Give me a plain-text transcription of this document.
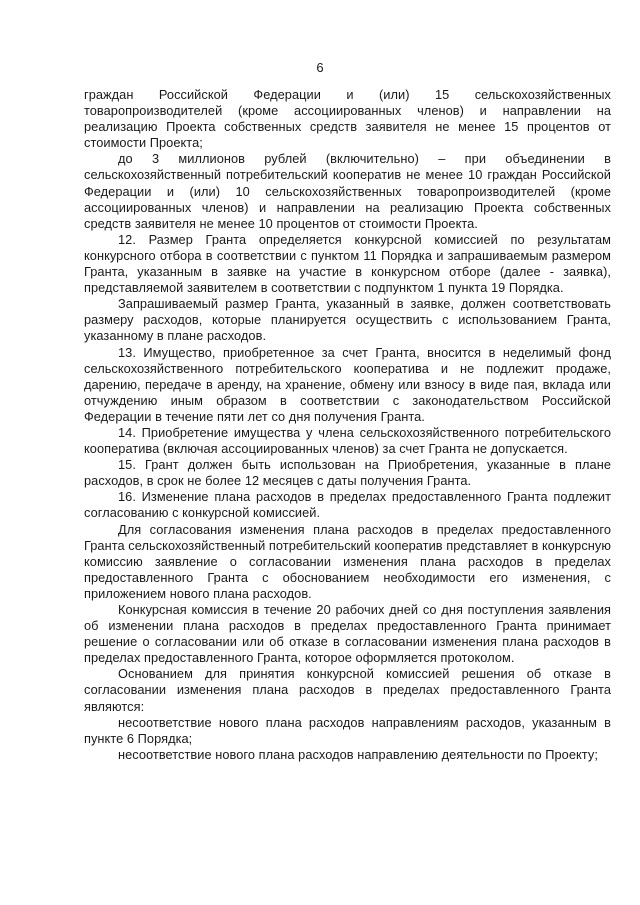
6

граждан Российской Федерации и (или) 15 сельскохозяйственных товаропроизводителей (кроме ассоциированных членов) и направлении на реализацию Проекта собственных средств заявителя не менее 15 процентов от стоимости Проекта;

до 3 миллионов рублей (включительно) – при объединении в сельскохозяйственный потребительский кооператив не менее 10 граждан Российской Федерации и (или) 10 сельскохозяйственных товаропроизводителей (кроме ассоциированных членов) и направлении на реализацию Проекта собственных средств заявителя не менее 10 процентов от стоимости Проекта.

12. Размер Гранта определяется конкурсной комиссией по результатам конкурсного отбора в соответствии с пунктом 11 Порядка и запрашиваемым размером Гранта, указанным в заявке на участие в конкурсном отборе (далее - заявка), представляемой заявителем в соответствии с подпунктом 1 пункта 19 Порядка.

Запрашиваемый размер Гранта, указанный в заявке, должен соответствовать размеру расходов, которые планируется осуществить с использованием Гранта, указанному в плане расходов.

13. Имущество, приобретенное за счет Гранта, вносится в неделимый фонд сельскохозяйственного потребительского кооператива и не подлежит продаже, дарению, передаче в аренду, на хранение, обмену или взносу в виде пая, вклада или отчуждению иным образом в соответствии с законодательством Российской Федерации в течение пяти лет со дня получения Гранта.

14. Приобретение имущества у члена сельскохозяйственного потребительского кооператива (включая ассоциированных членов) за счет Гранта не допускается.

15. Грант должен быть использован на Приобретения, указанные в плане расходов, в срок не более 12 месяцев с даты получения Гранта.

16. Изменение плана расходов в пределах предоставленного Гранта подлежит согласованию с конкурсной комиссией.

Для согласования изменения плана расходов в пределах предоставленного Гранта сельскохозяйственный потребительский кооператив представляет в конкурсную комиссию заявление о согласовании изменения плана расходов в пределах предоставленного Гранта с обоснованием необходимости его изменения, с приложением нового плана расходов.

Конкурсная комиссия в течение 20 рабочих дней со дня поступления заявления об изменении плана расходов в пределах предоставленного Гранта принимает решение о согласовании или об отказе в согласовании изменения плана расходов в пределах предоставленного Гранта, которое оформляется протоколом.

Основанием для принятия конкурсной комиссией решения об отказе в согласовании изменения плана расходов в пределах предоставленного Гранта являются:

несоответствие нового плана расходов направлениям расходов, указанным в пункте 6 Порядка;

несоответствие нового плана расходов направлению деятельности по Проекту;
